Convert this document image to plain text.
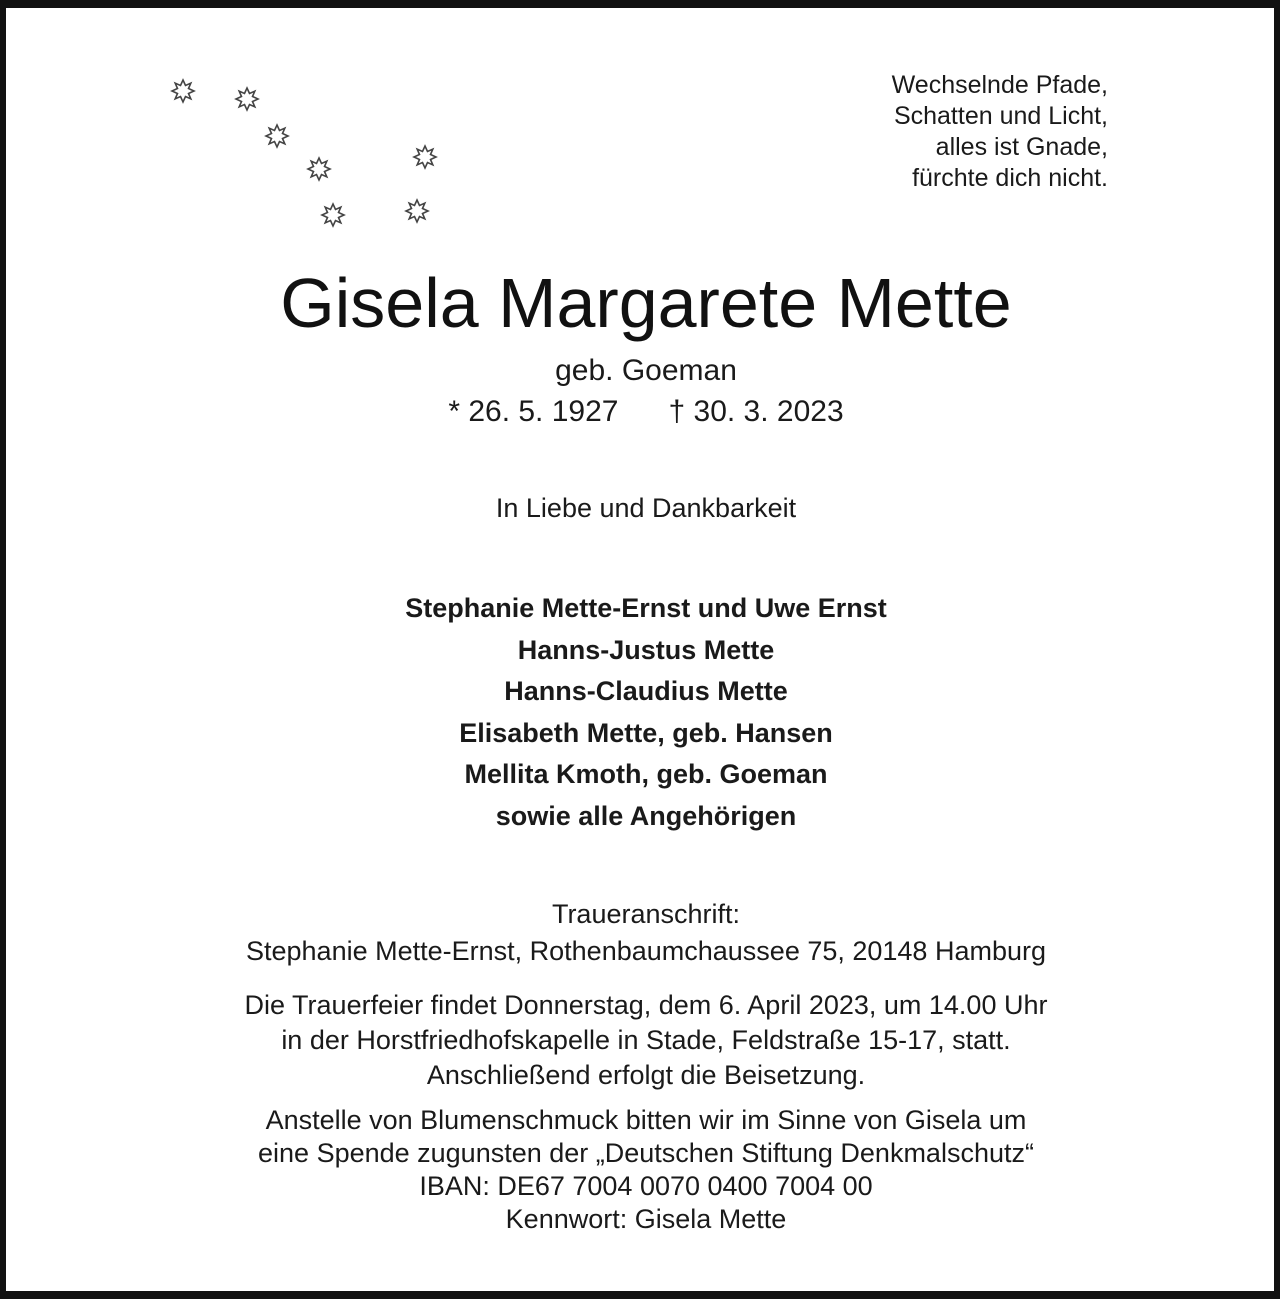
Wechselnde Pfade,
Schatten und Licht,
alles ist Gnade,
fürchte dich nicht.
Gisela Margarete Mette
geb. Goeman
* 26. 5. 1927 † 30. 3. 2023
In Liebe und Dankbarkeit
Stephanie Mette-Ernst und Uwe Ernst
Hanns-Justus Mette
Hanns-Claudius Mette
Elisabeth Mette, geb. Hansen
Mellita Kmoth, geb. Goeman
sowie alle Angehörigen
Traueranschrift:
Stephanie Mette-Ernst, Rothenbaumchaussee 75, 20148 Hamburg
Die Trauerfeier findet Donnerstag, dem 6. April 2023, um 14.00 Uhr
in der Horstfriedhofskapelle in Stade, Feldstraße 15-17, statt.
Anschließend erfolgt die Beisetzung.
Anstelle von Blumenschmuck bitten wir im Sinne von Gisela um
eine Spende zugunsten der „Deutschen Stiftung Denkmalschutz“
IBAN: DE67 7004 0070 0400 7004 00
Kennwort: Gisela Mette
